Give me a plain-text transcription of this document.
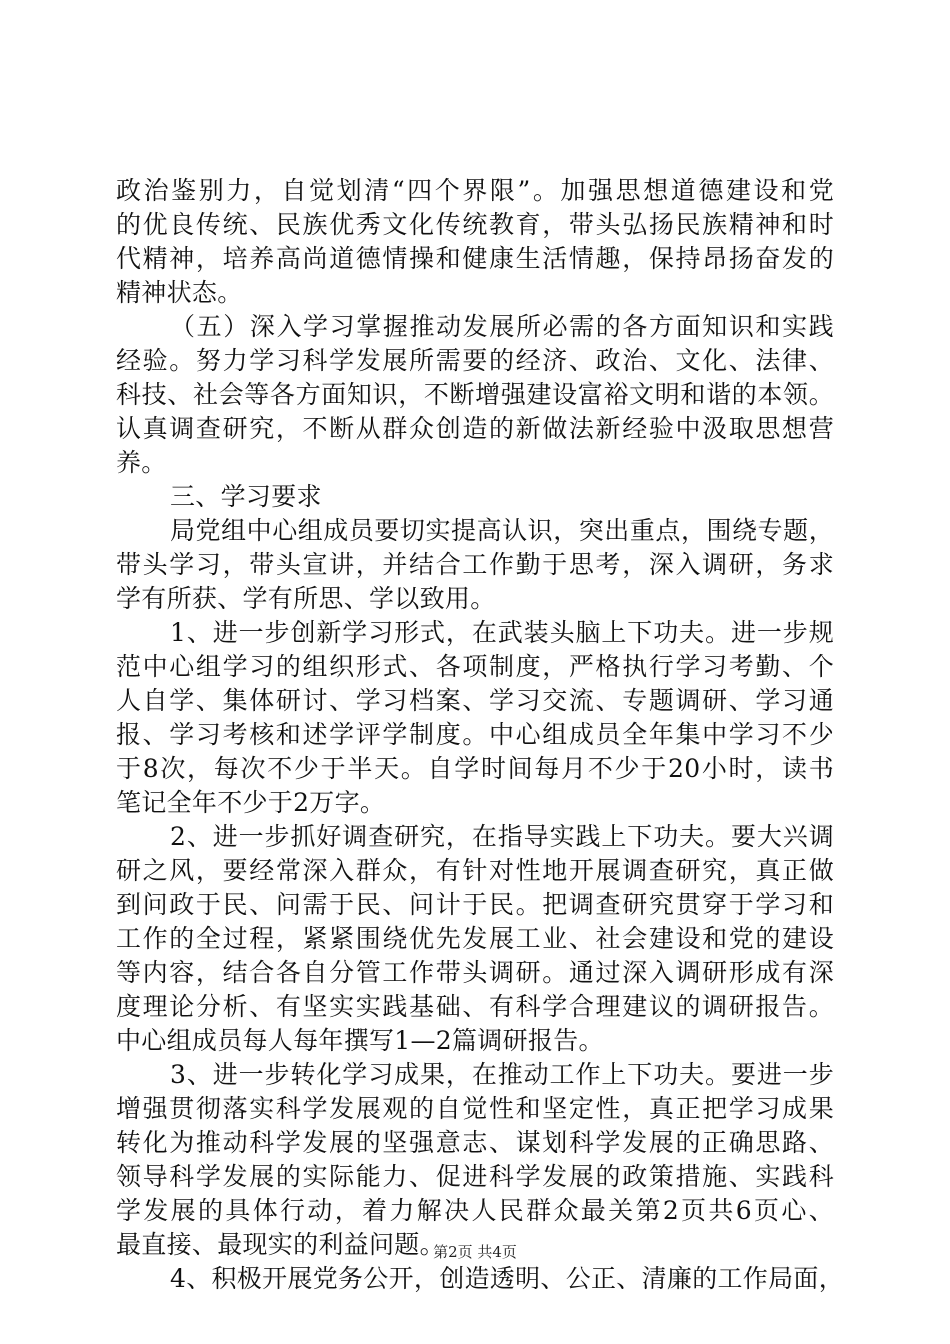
政治鉴别力，自觉划清“四个界限”。加强思想道德建设和党
的优良传统、民族优秀文化传统教育，带头弘扬民族精神和时
代精神，培养高尚道德情操和健康生活情趣，保持昂扬奋发的
精神状态。
（五）深入学习掌握推动发展所必需的各方面知识和实践
经验。努力学习科学发展所需要的经济、政治、文化、法律、
科技、社会等各方面知识，不断增强建设富裕文明和谐的本领。
认真调查研究，不断从群众创造的新做法新经验中汲取思想营
养。
三、学习要求
局党组中心组成员要切实提高认识，突出重点，围绕专题，
带头学习，带头宣讲，并结合工作勤于思考，深入调研，务求
学有所获、学有所思、学以致用。
1、进一步创新学习形式，在武装头脑上下功夫。进一步规
范中心组学习的组织形式、各项制度，严格执行学习考勤、个
人自学、集体研讨、学习档案、学习交流、专题调研、学习通
报、学习考核和述学评学制度。中心组成员全年集中学习不少
于8次，每次不少于半天。自学时间每月不少于20小时，读书
笔记全年不少于2万字。
2、进一步抓好调查研究，在指导实践上下功夫。要大兴调
研之风，要经常深入群众，有针对性地开展调查研究，真正做
到问政于民、问需于民、问计于民。把调查研究贯穿于学习和
工作的全过程，紧紧围绕优先发展工业、社会建设和党的建设
等内容，结合各自分管工作带头调研。通过深入调研形成有深
度理论分析、有坚实实践基础、有科学合理建议的调研报告。
中心组成员每人每年撰写1—2篇调研报告。
3、进一步转化学习成果，在推动工作上下功夫。要进一步
增强贯彻落实科学发展观的自觉性和坚定性，真正把学习成果
转化为推动科学发展的坚强意志、谋划科学发展的正确思路、
领导科学发展的实际能力、促进科学发展的政策措施、实践科
学发展的具体行动，着力解决人民群众最关第2页共6页心、
最直接、最现实的利益问题。
4、积极开展党务公开，创造透明、公正、清廉的工作局面，
第2页 共4页
